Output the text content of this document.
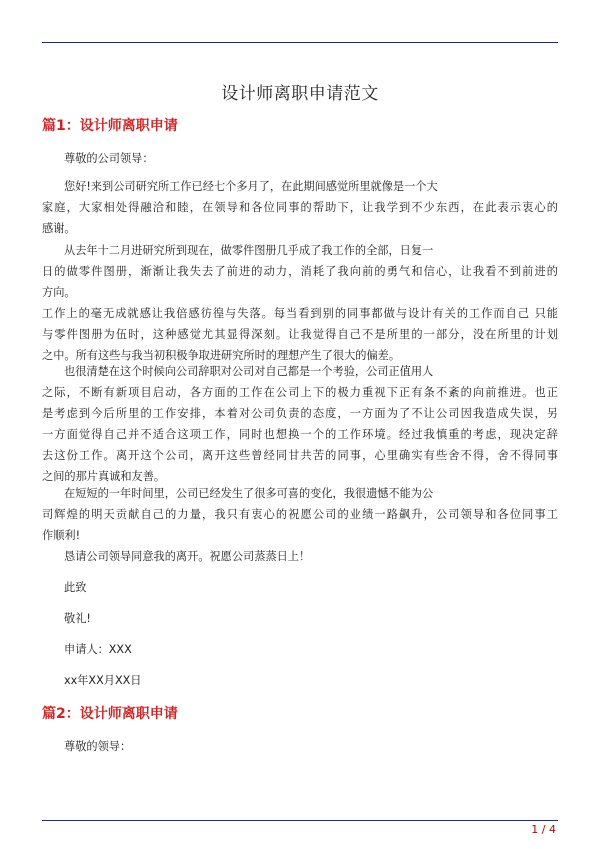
设计师离职申请范文
篇1：设计师离职申请
尊敬的公司领导：
您好!来到公司研究所工作已经七个多月了，在此期间感觉所里就像是一个大
家庭，大家相处得融洽和睦，在领导和各位同事的帮助下，让我学到不少东西，在此表示衷心的
感谢。
从去年十二月进研究所到现在，做零件图册几乎成了我工作的全部，日复一
日的做零件图册，渐渐让我失去了前进的动力，消耗了我向前的勇气和信心，让我看不到前进的
方向。
工作上的毫无成就感让我倍感彷徨与失落。每当看到别的同事都做与设计有关的工作而自己 只能
与零件图册为伍时，这种感觉尤其显得深刻。让我觉得自己不是所里的一部分，没在所里的计划
之中。所有这些与我当初积极争取进研究所时的理想产生了很大的偏差。
也很清楚在这个时候向公司辞职对公司对自己都是一个考验，公司正值用人
之际，不断有新项目启动，各方面的工作在公司上下的极力重视下正有条不紊的向前推进。也正
是考虑到今后所里的工作安排，本着对公司负责的态度，一方面为了不让公司因我造成失误，另
一方面觉得自己并不适合这项工作，同时也想换一个的工作环境。经过我慎重的考虑，现决定辞
去这份工作。离开这个公司，离开这些曾经同甘共苦的同事，心里确实有些舍不得，舍不得同事
之间的那片真诚和友善。
在短短的一年时间里，公司已经发生了很多可喜的变化，我很遗憾不能为公
司辉煌的明天贡献自己的力量，我只有衷心的祝愿公司的业绩一路飙升，公司领导和各位同事工
作顺利!
恳请公司领导同意我的离开。祝愿公司蒸蒸日上！
此致
敬礼!
申请人：XXX
xx年XX月XX日
篇2：设计师离职申请
尊敬的领导：
1 / 4
